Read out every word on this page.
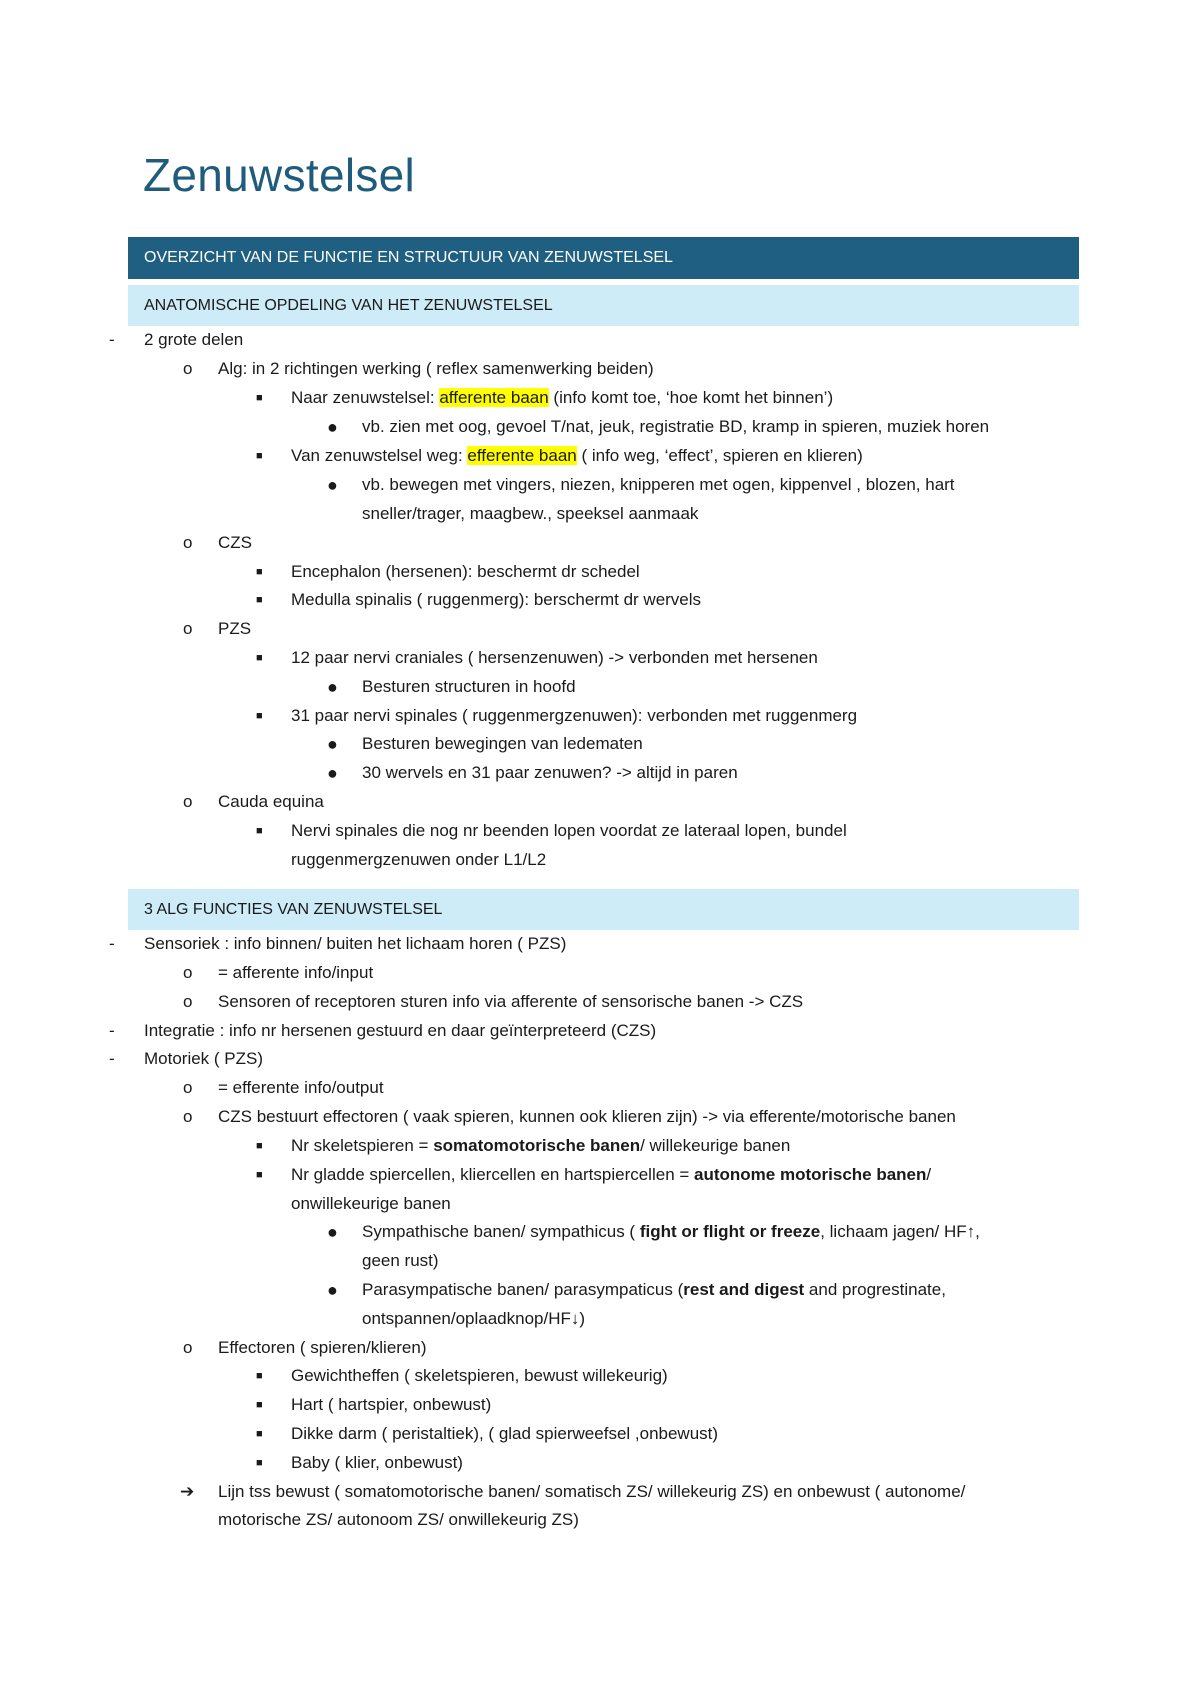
Zenuwstelsel
OVERZICHT VAN DE FUNCTIE EN STRUCTUUR VAN ZENUWSTELSEL
ANATOMISCHE OPDELING VAN HET ZENUWSTELSEL
- 2 grote delen
o Alg: in 2 richtingen werking ( reflex samenwerking beiden)
■ Naar zenuwstelsel: afferente baan (info komt toe, ‘hoe komt het binnen’)
● vb. zien met oog, gevoel T/nat, jeuk, registratie BD, kramp in spieren, muziek horen
■ Van zenuwstelsel weg: efferente baan ( info weg, ‘effect’, spieren en klieren)
● vb. bewegen met vingers, niezen, knipperen met ogen, kippenvel , blozen, hart
sneller/trager, maagbew., speeksel aanmaak
o CZS
■ Encephalon (hersenen): beschermt dr schedel
■ Medulla spinalis ( ruggenmerg): berschermt dr wervels
o PZS
■ 12 paar nervi craniales ( hersenzenuwen) -> verbonden met hersenen
● Besturen structuren in hoofd
■ 31 paar nervi spinales ( ruggenmergzenuwen): verbonden met ruggenmerg
● Besturen bewegingen van ledematen
● 30 wervels en 31 paar zenuwen? -> altijd in paren
o Cauda equina
■ Nervi spinales die nog nr beenden lopen voordat ze lateraal lopen, bundel
ruggenmergzenuwen onder L1/L2
3 ALG FUNCTIES VAN ZENUWSTELSEL
- Sensoriek : info binnen/ buiten het lichaam horen ( PZS)
o = afferente info/input
o Sensoren of receptoren sturen info via afferente of sensorische banen -> CZS
- Integratie : info nr hersenen gestuurd en daar geïnterpreteerd (CZS)
- Motoriek ( PZS)
o = efferente info/output
o CZS bestuurt effectoren ( vaak spieren, kunnen ook klieren zijn) -> via efferente/motorische banen
■ Nr skeletspieren = somatomotorische banen/ willekeurige banen
■ Nr gladde spiercellen, kliercellen en hartspiercellen = autonome motorische banen/
onwillekeurige banen
● Sympathische banen/ sympathicus ( fight or flight or freeze, lichaam jagen/ HF↑,
geen rust)
● Parasympatische banen/ parasympaticus (rest and digest and progrestinate,
ontspannen/oplaadknop/HF↓)
o Effectoren ( spieren/klieren)
■ Gewichtheffen ( skeletspieren, bewust willekeurig)
■ Hart ( hartspier, onbewust)
■ Dikke darm ( peristaltiek), ( glad spierweefsel ,onbewust)
■ Baby ( klier, onbewust)
➔ Lijn tss bewust ( somatomotorische banen/ somatisch ZS/ willekeurig ZS) en onbewust ( autonome/
motorische ZS/ autonoom ZS/ onwillekeurig ZS)
